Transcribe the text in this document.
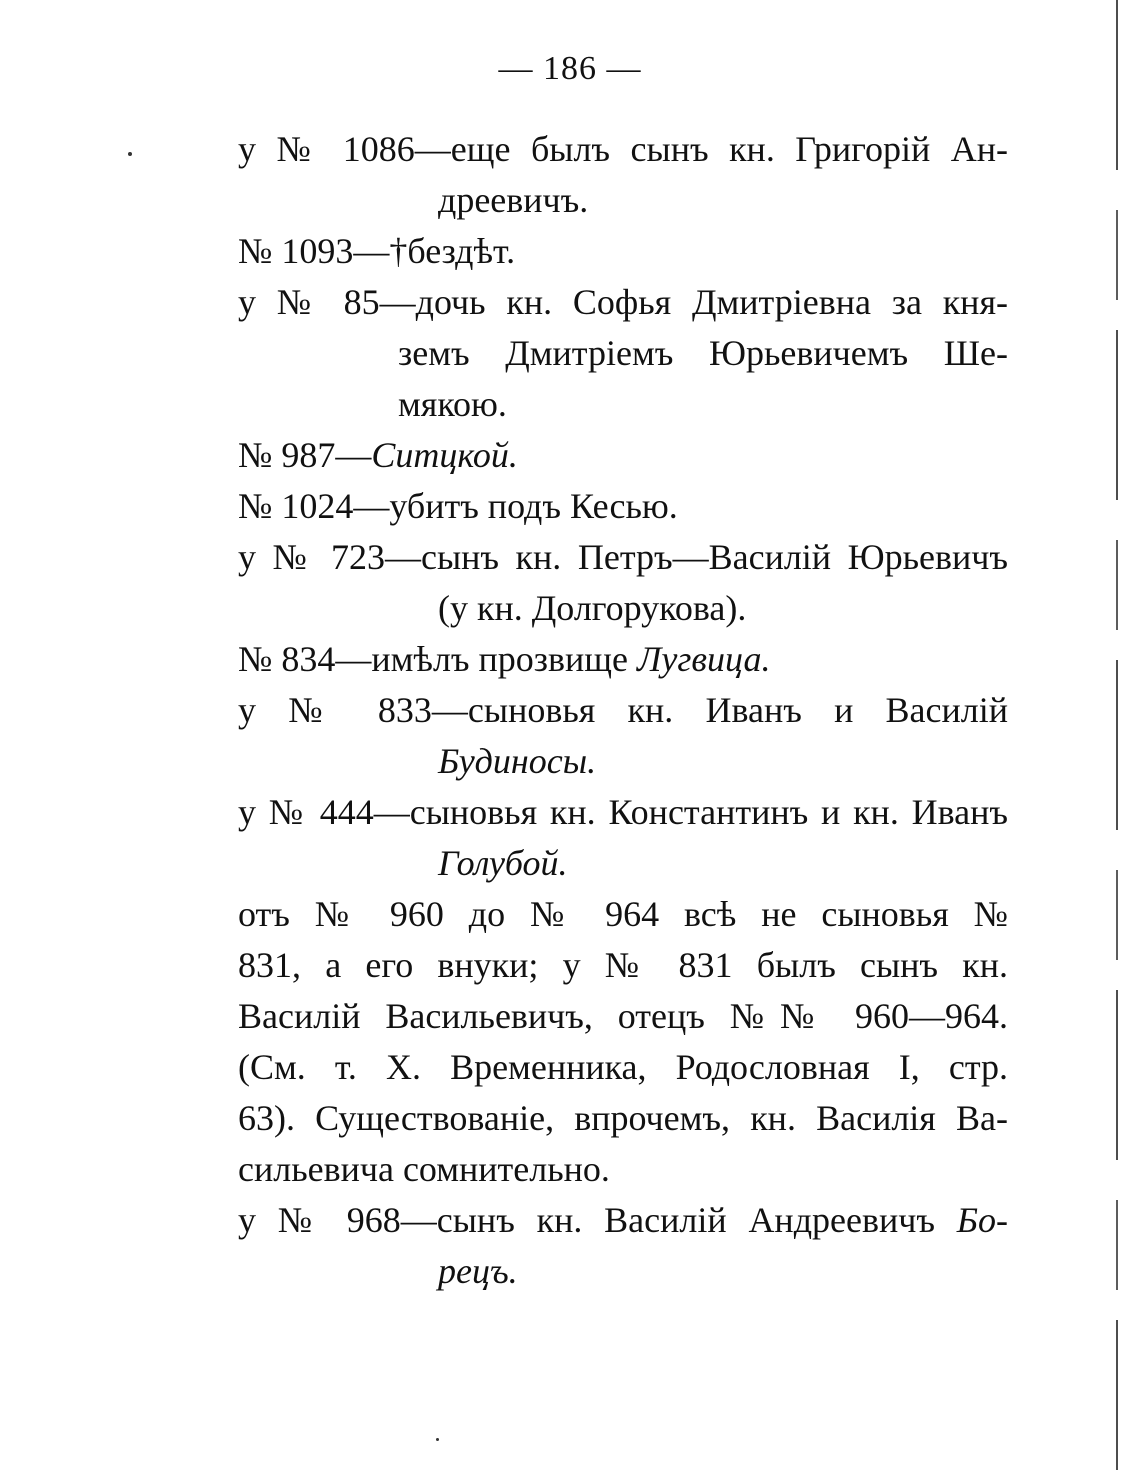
— 186 —
у № 1086—еще былъ сынъ кн. Григорій Ан-
дреевичъ.
№ 1093—†бездѣт.
у № 85—дочь кн. Софья Дмитріевна за кня-
земъ Дмитріемъ Юрьевичемъ Ше-
мякою.
№ 987—Ситцкой.
№ 1024—убитъ подъ Кесью.
у № 723—сынъ кн. Петръ—Василій Юрьевичъ
(у кн. Долгорукова).
№ 834—имѣлъ прозвище Лугвица.
у № 833—сыновья кн. Иванъ и Василій
Будиносы.
у № 444—сыновья кн. Константинъ и кн. Иванъ
Голубой.
отъ № 960 до № 964 всѣ не сыновья №
831, а его внуки; у № 831 былъ сынъ кн.
Василій Васильевичъ, отецъ №№ 960—964.
(См. т. X. Временника, Родословная I, стр.
63). Существованіе, впрочемъ, кн. Василія Ва-
сильевича сомнительно.
у № 968—сынъ кн. Василій Андреевичъ Бо-
рецъ.
